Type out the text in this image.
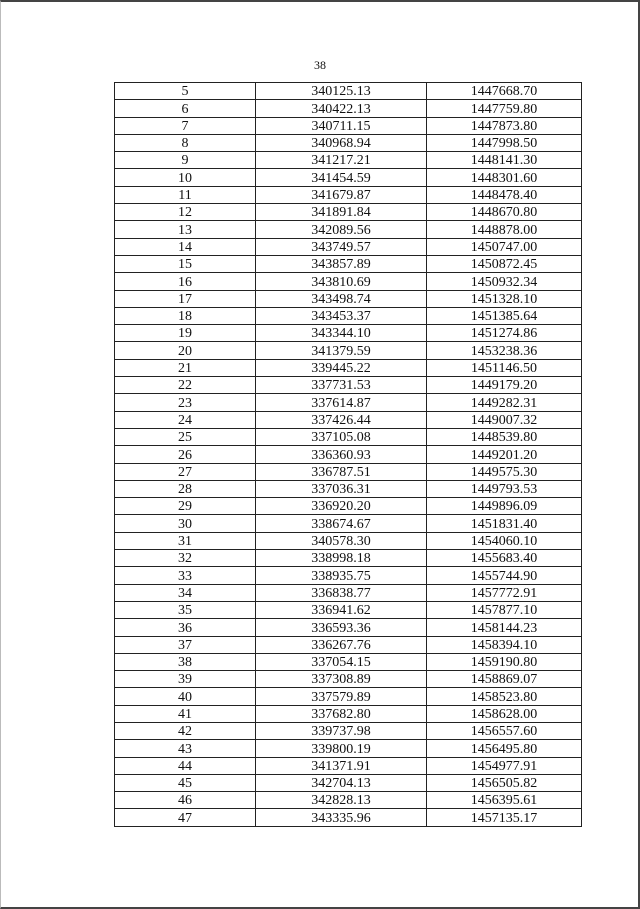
38
5	340125.13	1447668.70
6	340422.13	1447759.80
7	340711.15	1447873.80
8	340968.94	1447998.50
9	341217.21	1448141.30
10	341454.59	1448301.60
11	341679.87	1448478.40
12	341891.84	1448670.80
13	342089.56	1448878.00
14	343749.57	1450747.00
15	343857.89	1450872.45
16	343810.69	1450932.34
17	343498.74	1451328.10
18	343453.37	1451385.64
19	343344.10	1451274.86
20	341379.59	1453238.36
21	339445.22	1451146.50
22	337731.53	1449179.20
23	337614.87	1449282.31
24	337426.44	1449007.32
25	337105.08	1448539.80
26	336360.93	1449201.20
27	336787.51	1449575.30
28	337036.31	1449793.53
29	336920.20	1449896.09
30	338674.67	1451831.40
31	340578.30	1454060.10
32	338998.18	1455683.40
33	338935.75	1455744.90
34	336838.77	1457772.91
35	336941.62	1457877.10
36	336593.36	1458144.23
37	336267.76	1458394.10
38	337054.15	1459190.80
39	337308.89	1458869.07
40	337579.89	1458523.80
41	337682.80	1458628.00
42	339737.98	1456557.60
43	339800.19	1456495.80
44	341371.91	1454977.91
45	342704.13	1456505.82
46	342828.13	1456395.61
47	343335.96	1457135.17
